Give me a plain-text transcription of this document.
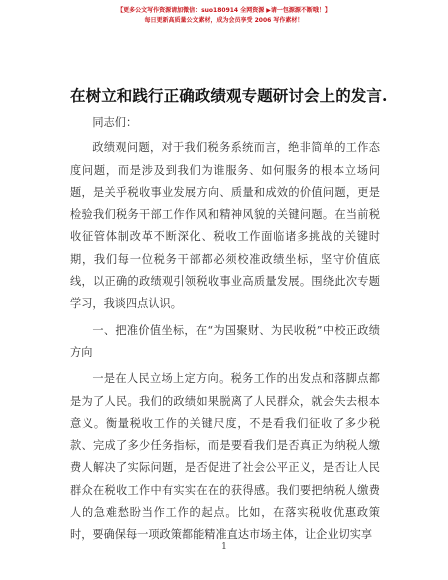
【更多公文写作资源请加微信：suo180914 全网资源 ▶请一包源源不断哦！】
每日更新高质量公文素材，成为会员享受 2006 写作素材！
在树立和践行正确政绩观专题研讨会上的发言.

同志们：

政绩观问题，对于我们税务系统而言，绝非简单的工作态度问题，而是涉及到我们为谁服务、如何服务的根本立场问题，是关乎税收事业发展方向、质量和成效的价值问题，更是检验我们税务干部工作作风和精神风貌的关键问题。在当前税收征管体制改革不断深化、税收工作面临诸多挑战的关键时期，我们每一位税务干部都必须校准政绩坐标，坚守价值底线，以正确的政绩观引领税收事业高质量发展。围绕此次专题学习，我谈四点认识。

一、把准价值坐标，在“为国聚财、为民收税”中校正政绩方向

一是在人民立场上定方向。税务工作的出发点和落脚点都是为了人民。我们的政绩如果脱离了人民群众，就会失去根本意义。衡量税收工作的关键尺度，不是看我们征收了多少税款、完成了多少任务指标，而是要看我们是否真正为纳税人缴费人解决了实际问题，是否促进了社会公平正义，是否让人民群众在税收工作中有实实在在的获得感。我们要把纳税人缴费人的急难愁盼当作工作的起点。比如，在落实税收优惠政策时，要确保每一项政策都能精准直达市场主体，让企业切实享

1
